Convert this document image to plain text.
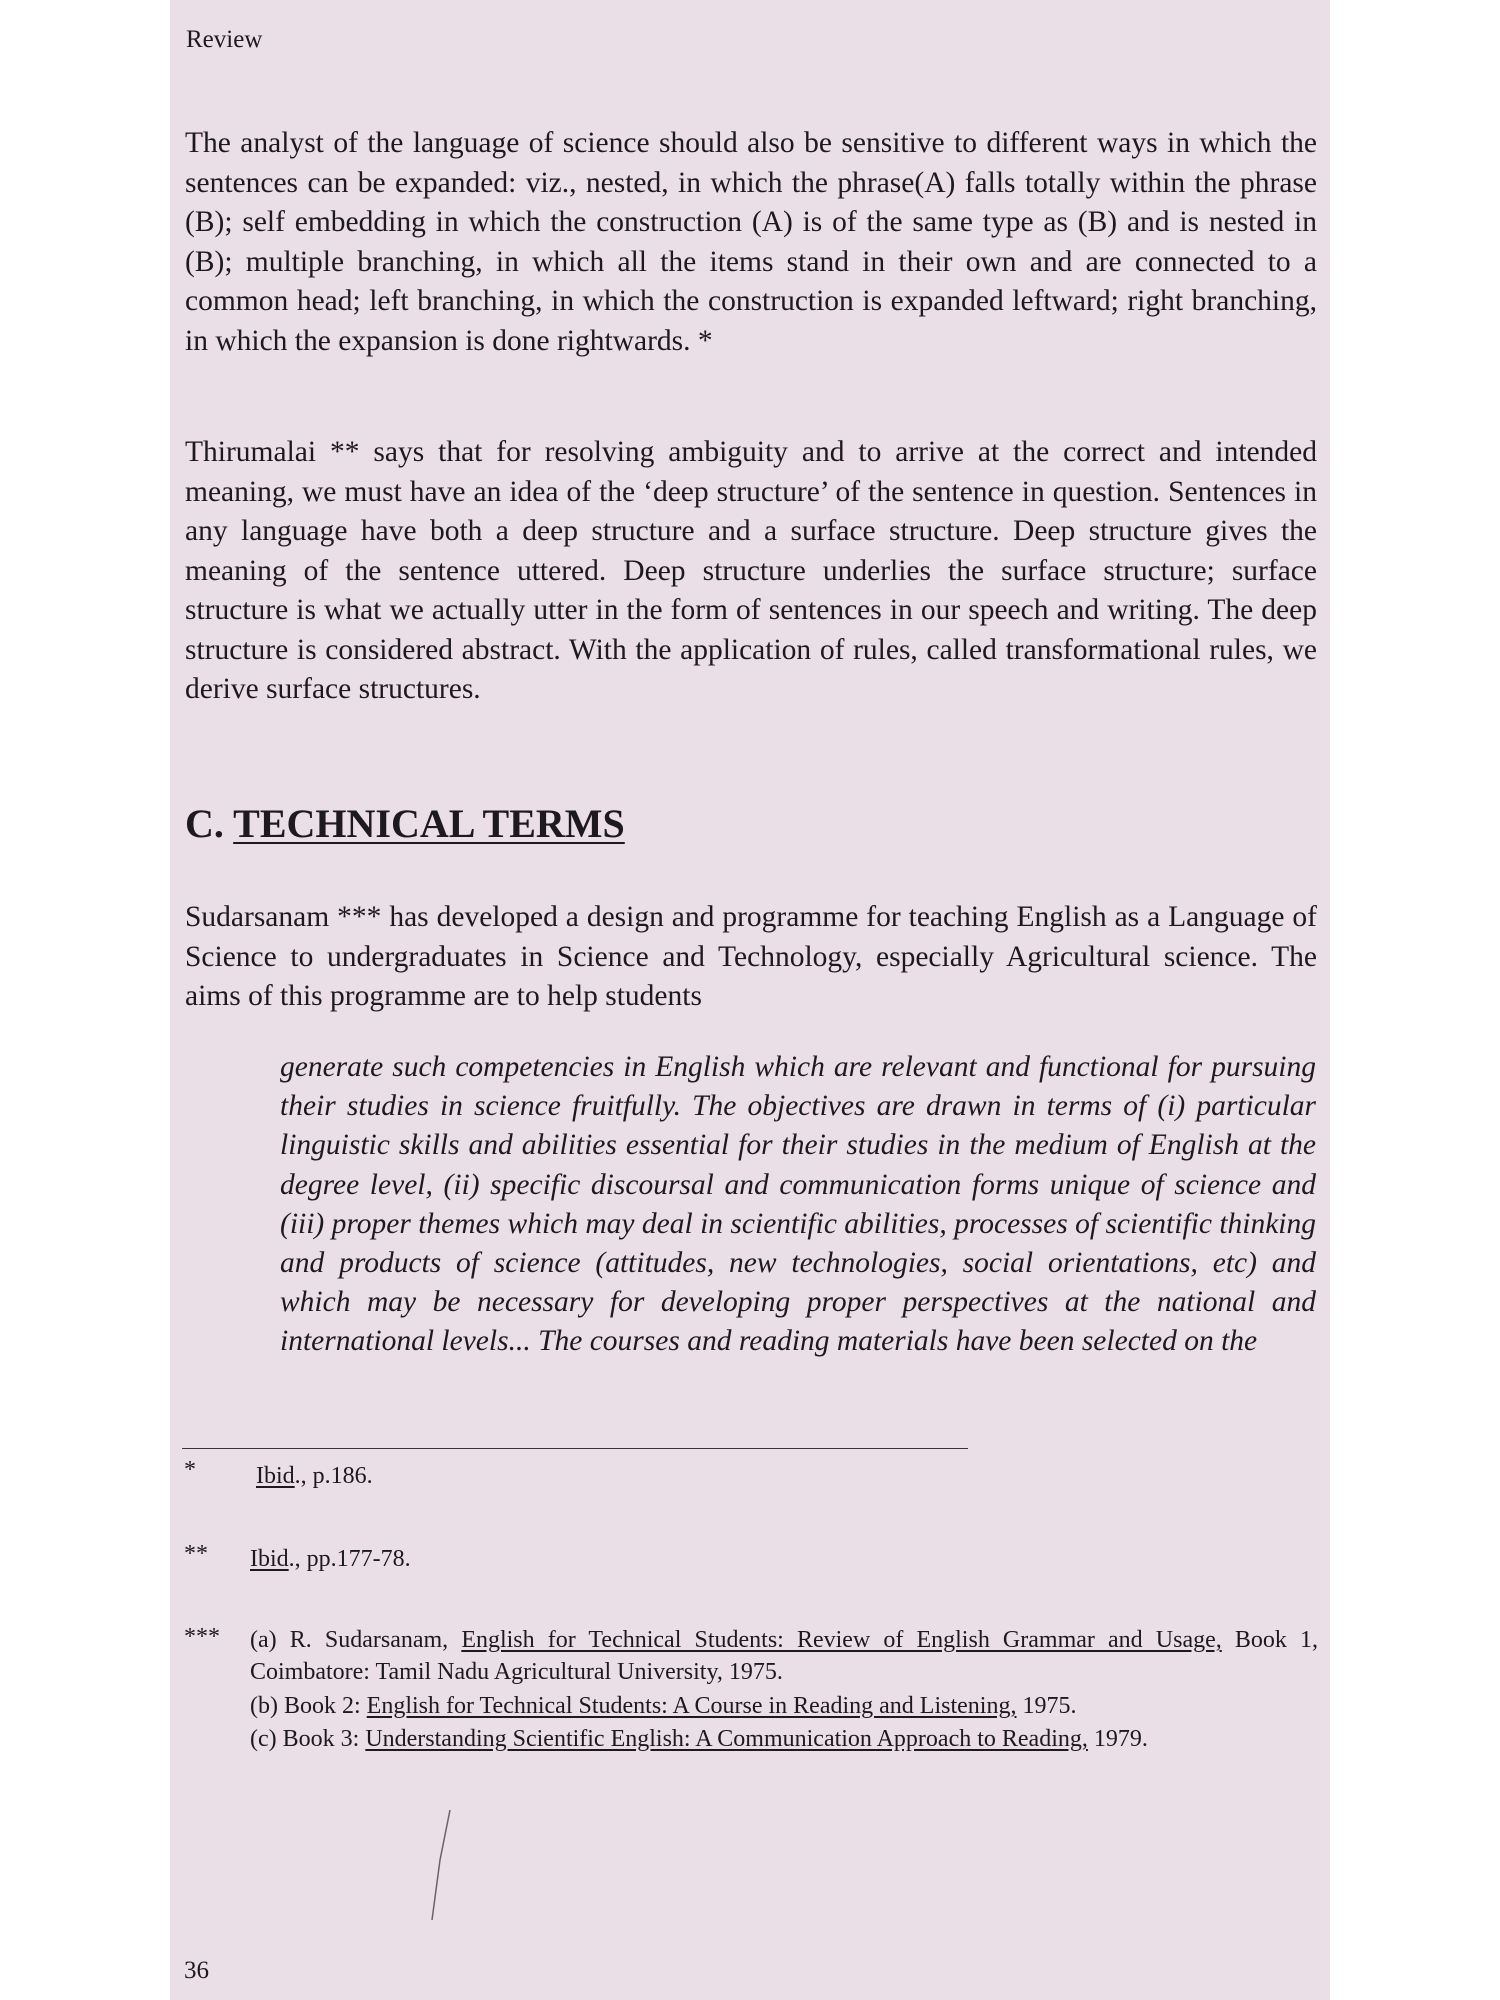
Review

The analyst of the language of science should also be sensitive to different ways in which the sentences can be expanded: viz., nested, in which the phrase(A) falls totally within the phrase (B); self embedding in which the construction (A) is of the same type as (B) and is nested in (B); multiple branching, in which all the items stand in their own and are connected to a common head; left branching, in which the construction is expanded leftward; right branching, in which the expansion is done rightwards. *

Thirumalai ** says that for resolving ambiguity and to arrive at the correct and intended meaning, we must have an idea of the ‘deep structure’ of the sentence in question. Sentences in any language have both a deep structure and a surface structure. Deep structure gives the meaning of the sentence uttered. Deep structure underlies the surface structure; surface structure is what we actually utter in the form of sentences in our speech and writing. The deep structure is considered abstract. With the application of rules, called transformational rules, we derive surface structures.

C. TECHNICAL TERMS

Sudarsanam *** has developed a design and programme for teaching English as a Language of Science to undergraduates in Science and Technology, especially Agricultural science. The aims of this programme are to help students

generate such competencies in English which are relevant and functional for pursuing their studies in science fruitfully. The objectives are drawn in terms of (i) particular linguistic skills and abilities essential for their studies in the medium of English at the degree level, (ii) specific discoursal and communication forms unique of science and (iii) proper themes which may deal in scientific abilities, processes of scientific thinking and products of science (attitudes, new technologies, social orientations, etc) and which may be necessary for developing proper perspectives at the national and international levels... The courses and reading materials have been selected on the

*	Ibid., p.186.
** Ibid., pp.177-78.
*** (a) R. Sudarsanam, English for Technical Students: Review of English Grammar and Usage, Book 1, Coimbatore: Tamil Nadu Agricultural University, 1975.
(b) Book 2: English for Technical Students: A Course in Reading and Listening, 1975.
(c) Book 3: Understanding Scientific English: A Communication Approach to Reading, 1979.
36
